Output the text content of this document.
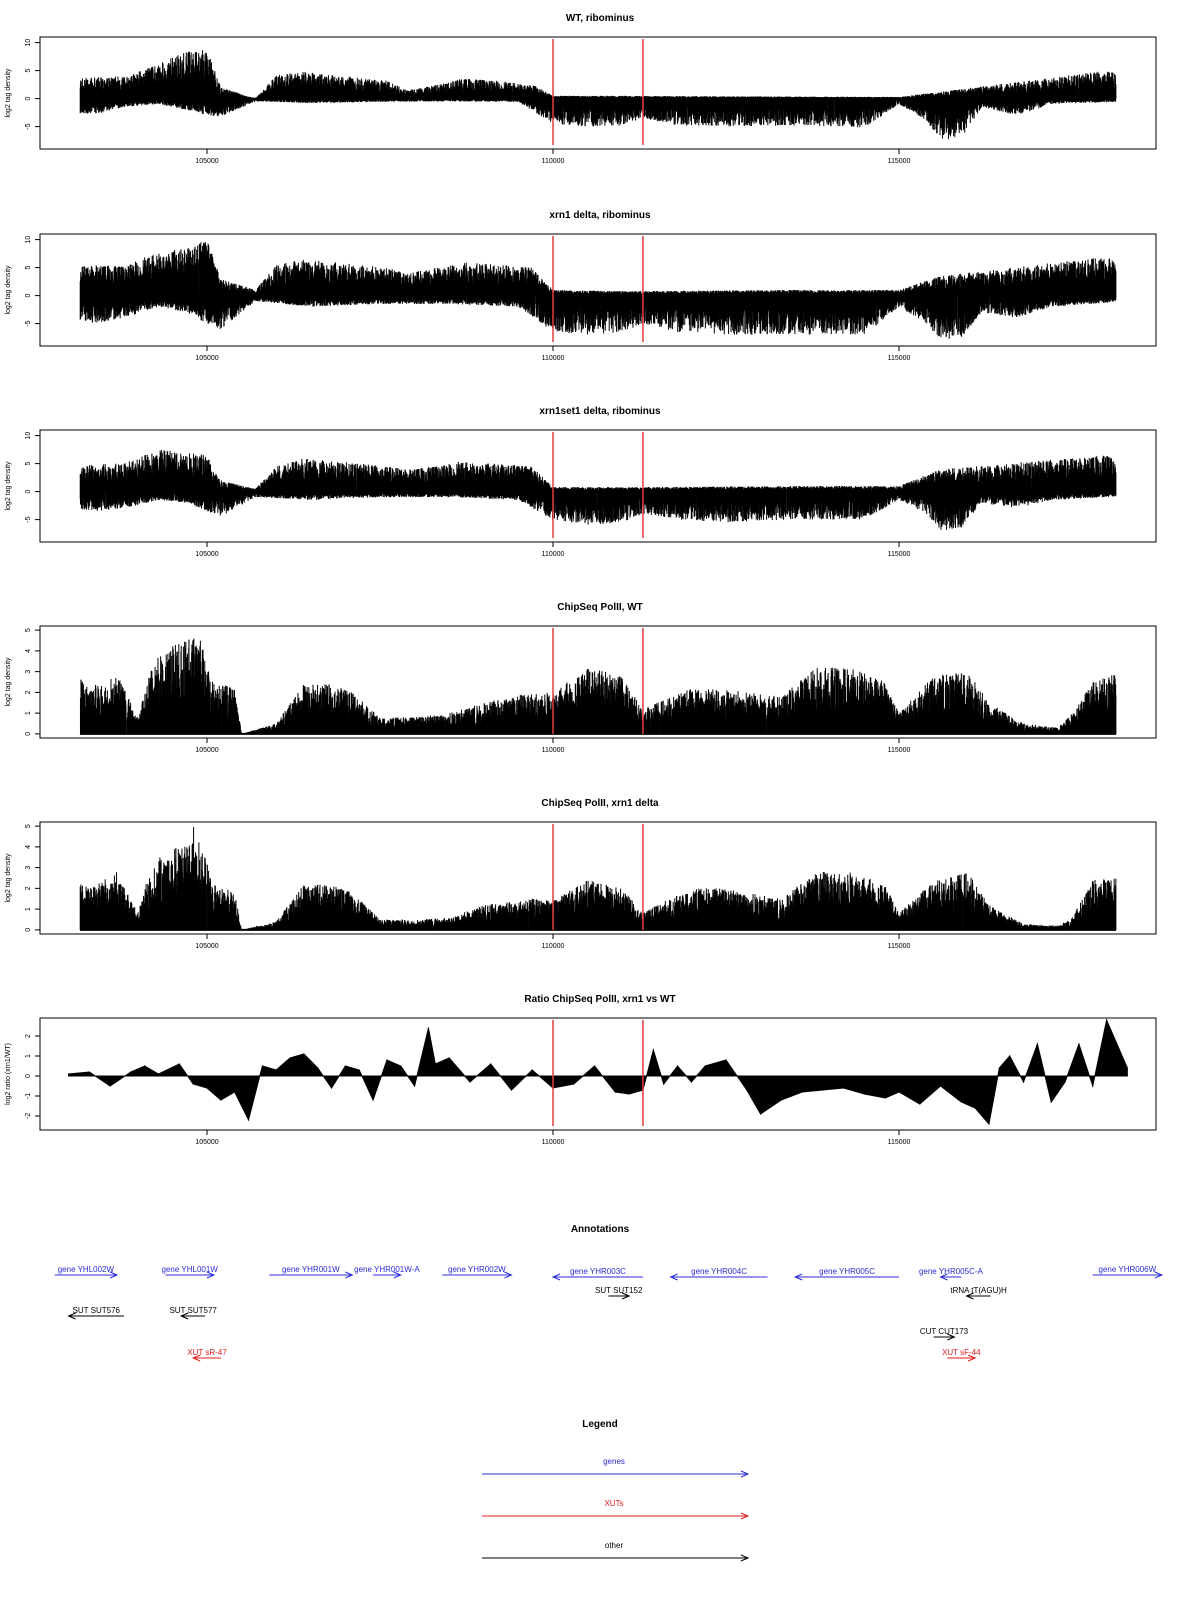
WT, ribominus
log2 tag density
-5
0
5
10
105000	110000	115000
xrn1 delta, ribominus
log2 tag density
-5
0
5
10
105000	110000	115000
xrn1set1 delta, ribominus
log2 tag density
-5
0
5
10
105000	110000	115000
ChipSeq PolII, WT
log2 tag density
0
1
2
3
4
5
105000	110000	115000
ChipSeq PolII, xrn1 delta
log2 tag density
0
1
2
3
4
5
105000	110000	115000
Ratio ChipSeq PolII, xrn1 vs WT
log2 ratio (xrn1/WT)
-2
-1
0
1
2
105000	110000	115000
Annotations
gene YHL002W	gene YHL001W	gene YHR001W gene YHR001W-A	gene YHR002W	gene YHR003C	gene YHR004C	gene YHR005C	gene YHR005C-A	gene YHR006W
tRNA tT(AGU)H
SUT SUT576	SUT SUT577
SUT SUT152
CUT CUT173
XUT sR-47	XUT sF-44
Legend
genes
XUTs
other
